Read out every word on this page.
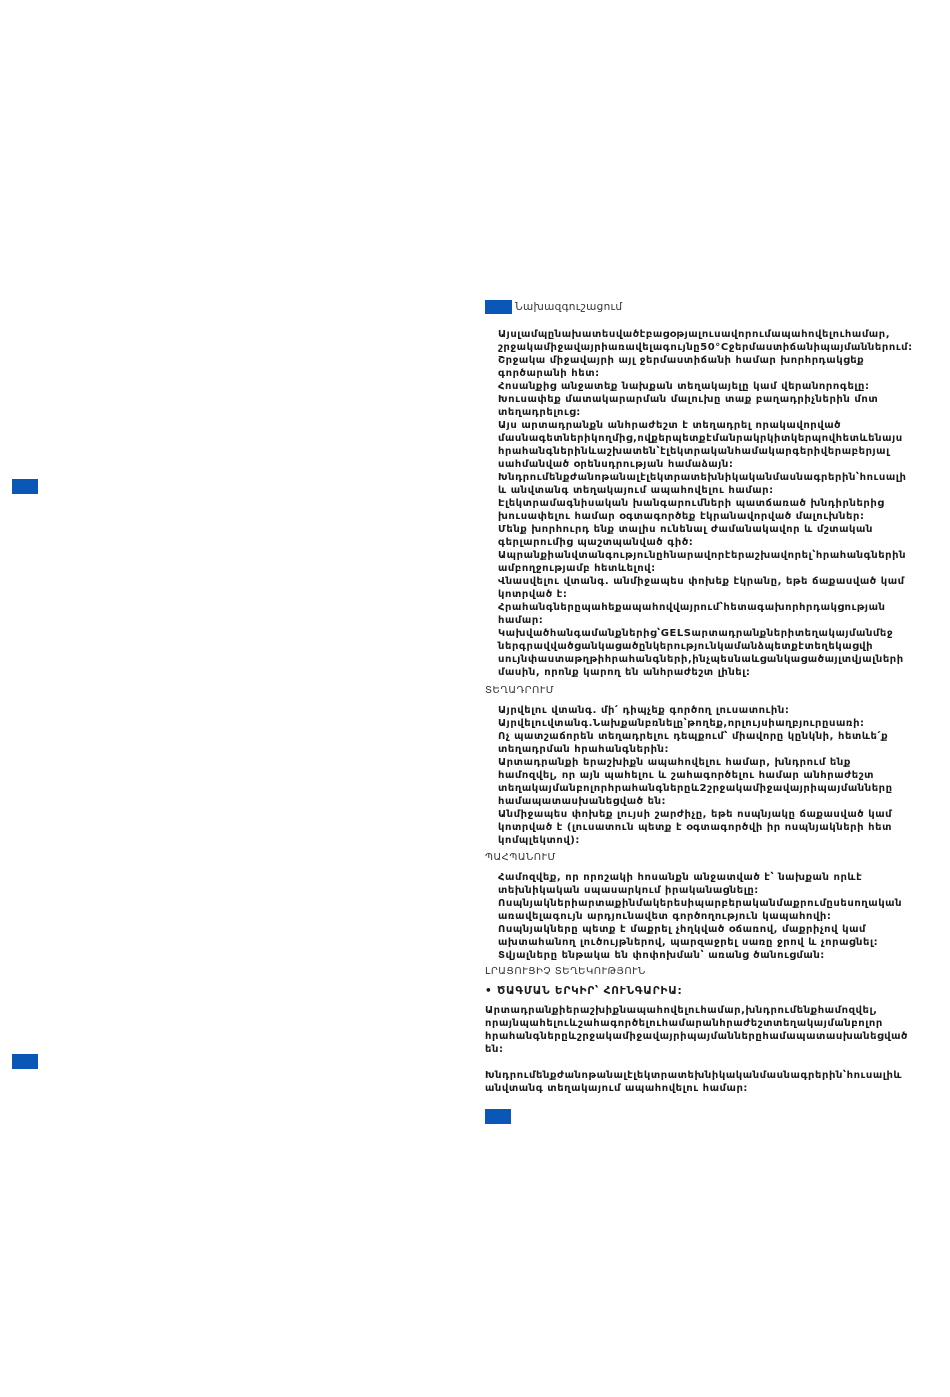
Նախազգուշացում
Այսլամպընախատեսվածէբացօթյալուսավորումապահովելուհամար,
շրջակամիջավայրիառավելագույնը50°Cջերմաստիճանիպայմաններում:
Շրջակա միջավայրի այլ ջերմաստիճանի համար խորհրդակցեք
գործարանի հետ:
Հոսանքից անջատեք նախքան տեղակայելը կամ վերանորոգելը:
Խուսափեք մատակարարման մալուխը տաք բաղադրիչներին մոտ
տեղադրելուց:
Այս արտադրանքն անհրաժեշտ է տեղադրել որակավորված
մասնագետներիկողմից,ովքերպետքէմանրակրկիտկերպովհետևենայս
հրահանգներինևաշխատեն՝էլեկտրականհամակարգերիվերաբերյալ
սահմանված օրենսդրության համաձայն:
Խնդրումենքժանոթանալէլեկտրատեխնիկականմասնագրերին՝հուսալի
և անվտանգ տեղակայում ապահովելու համար:
Էլեկտրամագնիսական խանգարումների պատճառած խնդիրներից
խուսափելու համար օգտագործեք էկրանավորված մալուխներ:
Մենք խորհուրդ ենք տալիս ունենալ ժամանակավոր և մշտական
գերլարումից պաշտպանված գիծ:
Ապրանքիանվտանգությունըհնարավորէերաշխավորել՝հրահանգներին
ամբողջությամբ հետևելով:
Վնասվելու վտանգ. անմիջապես փոխեք էկրանը, եթե ճաքասված կամ
կոտրված է:
Հրահանգներըպահեքապահովվայրում՝հետագախորհրդակցության
համար:
Կախվածհանգամանքներից՝GELSարտադրանքներիտեղակայմանմեջ
ներգրավվածցանկացածընկերությունկամանձպետքէտեղեկացվի
սույնփաստաթղթիհրահանգների,ինչպեսնաևցանկացածայլտվյալների
մասին, որոնք կարող են անհրաժեշտ լինել:
ՏԵՂԱԴՐՈՒՄ
Այրվելու վտանգ. մի՛ դիպչեք գործող լուսատուին:
Այրվելուվտանգ.Նախքանբռնելը՝թողեք,որլույսիաղբյուրըսառի:
Ոչ պատշաճորեն տեղադրելու դեպքում՝ միավորը կընկնի, հետևե՛ք
տեղադրման հրահանգներին:
Արտադրանքի երաշխիքն ապահովելու համար, խնդրում ենք
համոզվել, որ այն պահելու և շահագործելու համար անհրաժեշտ
տեղակայմանբոլորհրահանգներըև2շրջակամիջավայրիպայմանները
համապատասխանեցված են:
Անմիջապես փոխեք լույսի շարժիչը, եթե ոսպնյակը ճաքասված կամ
կոտրված է (լուսատուն պետք է օգտագործվի իր ոսպնյակների հետ
կոմպլեկտով):
ՊԱՀՊԱՆՈՒՄ
Համոզվեք, որ որոշակի հոսանքն անջատված է՝ նախքան որևէ
տեխնիկական սպասարկում իրականացնելը:
Ոսպնյակներիարտաքինմակերեսիպարբերականմաքրումըսեսողական
առավելագույն արդյունավետ գործողություն կապահովի:
Ոսպնյակները պետք է մաքրել չհղկված օճառով, մաքրիչով կամ
ախտահանող լուծույթներով, պարզաջրել սառը ջրով և չորացնել:
Տվյալները ենթակա են փոփոխման՝ առանց ծանուցման:
ԼՐԱՑՈՒՑԻՉ ՏԵՂԵԿՈՒԹՅՈՒՆ
• ԾԱԳՄԱՆ ԵՐԿԻՐ՝ ՀՈՒՆԳԱՐԻԱ:
Արտադրանքիերաշխիքնապահովելուհամար,խնդրումենքհամոզվել,
որայնպահելուևշահագործելուհամարանհրաժեշտտեղակայմանբոլոր
հրահանգներըևշրջակամիջավայրիպայմաններըհամապատասխանեցված
են:
Խնդրումենքժանոթանալէլեկտրատեխնիկականմասնագրերին՝հուսալիև
անվտանգ տեղակայում ապահովելու համար:
